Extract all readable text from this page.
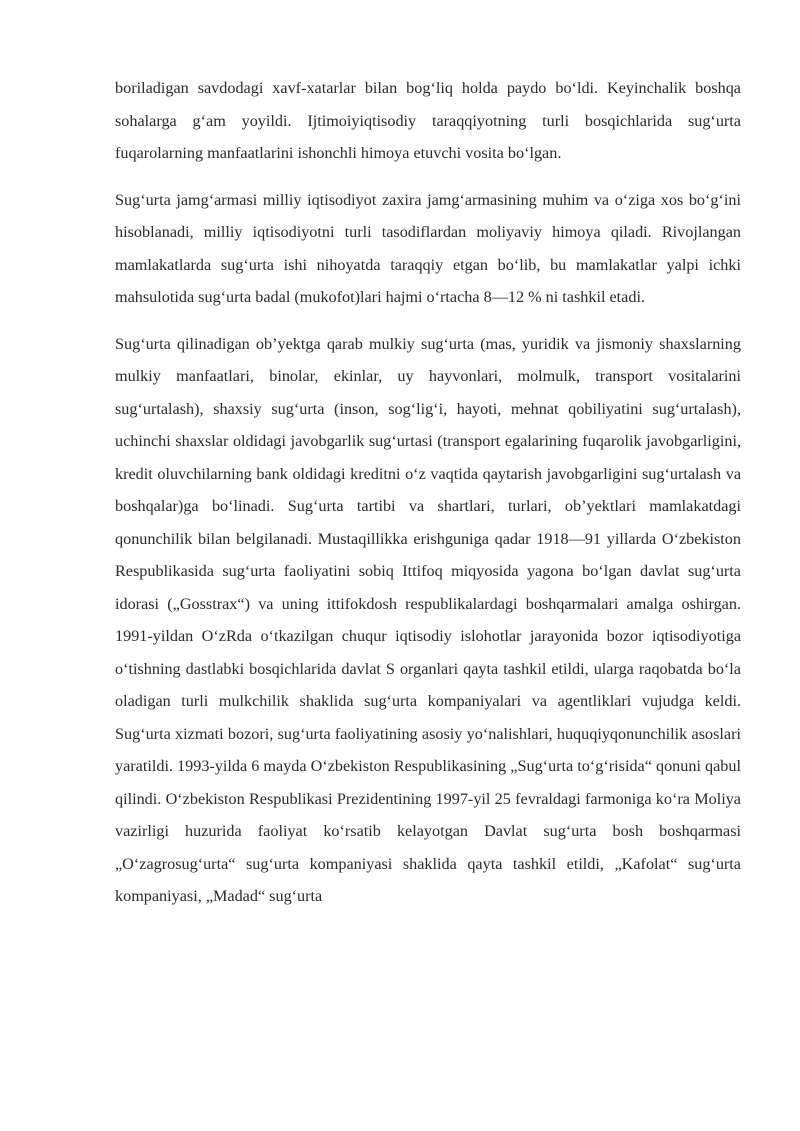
boriladigan savdodagi xavf-xatarlar bilan bog‘liq holda paydo bo‘ldi. Keyinchalik boshqa sohalarga g‘am yoyildi. Ijtimoiyiqtisodiy taraqqiyotning turli bosqichlarida sug‘urta fuqarolarning manfaatlarini ishonchli himoya etuvchi vosita bo‘lgan.

Sug‘urta jamg‘armasi milliy iqtisodiyot zaxira jamg‘armasining muhim va o‘ziga xos bo‘g‘ini hisoblanadi, milliy iqtisodiyotni turli tasodiflardan moliyaviy himoya qiladi. Rivojlangan mamlakatlarda sug‘urta ishi nihoyatda taraqqiy etgan bo‘lib, bu mamlakatlar yalpi ichki mahsulotida sug‘urta badal (mukofot)lari hajmi o‘rtacha 8—12 % ni tashkil etadi.

Sug‘urta qilinadigan ob’yektga qarab mulkiy sug‘urta (mas, yuridik va jismoniy shaxslarning mulkiy manfaatlari, binolar, ekinlar, uy hayvonlari, molmulk, transport vositalarini sug‘urtalash), shaxsiy sug‘urta (inson, sog‘lig‘i, hayoti, mehnat qobiliyatini sug‘urtalash), uchinchi shaxslar oldidagi javobgarlik sug‘urtasi (transport egalarining fuqarolik javobgarligini, kredit oluvchilarning bank oldidagi kreditni o‘z vaqtida qaytarish javobgarligini sug‘urtalash va boshqalar)ga bo‘linadi. Sug‘urta tartibi va shartlari, turlari, ob’yektlari mamlakatdagi qonunchilik bilan belgilanadi. Mustaqillikka erishguniga qadar 1918—91 yillarda O‘zbekiston Respublikasida sug‘urta faoliyatini sobiq Ittifoq miqyosida yagona bo‘lgan davlat sug‘urta idorasi („Gosstrax“) va uning ittifokdosh respublikalardagi boshqarmalari amalga oshirgan. 1991-yildan O‘zRda o‘tkazilgan chuqur iqtisodiy islohotlar jarayonida bozor iqtisodiyotiga o‘tishning dastlabki bosqichlarida davlat S organlari qayta tashkil etildi, ularga raqobatda bo‘la oladigan turli mulkchilik shaklida sug‘urta kompaniyalari va agentliklari vujudga keldi. Sug‘urta xizmati bozori, sug‘urta faoliyatining asosiy yo‘nalishlari, huquqiyqonunchilik asoslari yaratildi. 1993-yilda 6 mayda O‘zbekiston Respublikasining „Sug‘urta to‘g‘risida“ qonuni qabul qilindi. O‘zbekiston Respublikasi Prezidentining 1997-yil 25 fevraldagi farmoniga ko‘ra Moliya vazirligi huzurida faoliyat ko‘rsatib kelayotgan Davlat sug‘urta bosh boshqarmasi „O‘zagrosug‘urta“ sug‘urta kompaniyasi shaklida qayta tashkil etildi, „Kafolat“ sug‘urta kompaniyasi, „Madad“ sug‘urta
